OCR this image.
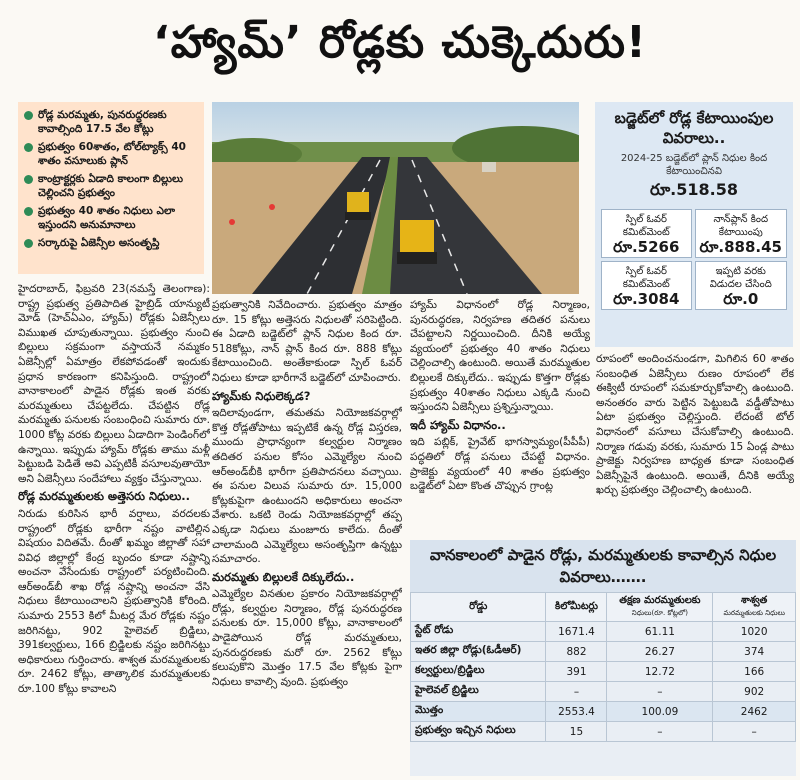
‘హ్యామ్’ రోడ్లకు చుక్కెదురు!
రోడ్ల మరమ్మతు, పునరుద్ధరణకు కావాల్సింది 17.5 వేల కోట్లు
ప్రభుత్వం 60శాతం, టోల్‌ట్యాక్స్ 40 శాతం వసూలుకు ప్లాన్
కాంట్రాక్టర్లకు ఏడాది కాలంగా బిల్లులు చెల్లించని ప్రభుత్వం
ప్రభుత్వం 40 శాతం నిధులు ఎలా ఇస్తుందని అనుమానాలు
సర్కారుపై ఏజెన్సీల అసంతృప్తి
బడ్జెట్‌లో రోడ్ల కేటాయింపుల వివరాలు..
2024-25 బడ్జెట్‌లో ప్లాన్ నిధుల కింద కేటాయించినవి
రూ.518.58
స్పిల్ ఓవర్ కమిట్‌మెంట్
రూ.5266
నాన్‌ప్లాన్ కింద కేటాయింపు
రూ.888.45
స్పిల్ ఓవర్ కమిట్‌మెంట్
రూ.3084
ఇప్పటి వరకు విడుదల చేసింది
రూ.0

హైదరాబాద్, ఫిబ్రవరి 23(నమస్తే తెలంగాణ): రాష్ట్ర ప్రభుత్వ ప్రతిపాదిత హైబ్రిడ్ యాన్యుటీ మోడ్ (హెచ్ఏఎం, హ్యామ్) రోడ్లకు ఏజెన్సీలు విముఖత చూపుతున్నాయి. ప్రభుత్వం నుంచి బిల్లులు సక్రమంగా వస్తాయనే నమ్మకం ఏజెన్సీల్లో ఏమాత్రం లేకపోవడంతో ఇందుకు ప్రధాన కారణంగా కనిపిస్తుంది. రాష్ట్రంలో వానాకాలంలో పాడైన రోడ్లకు ఇంత వరకు మరమ్మతులు చేపట్టలేదు. చేపట్టిన రోడ్ల మరమ్మతు పనులకు సంబంధించి సుమారు రూ. 1000 కోట్ల వరకు బిల్లులు ఏడాదిగా పెండింగ్‌లో ఉన్నాయి. ఇప్పుడు హ్యామ్ రోడ్లకు తాము మళ్లీ పెట్టుబడి పెడితే అవి ఎప్పటికీ వసూలవుతాయో అని ఏజెన్సీలు సందేహాలు వ్యక్తం చేస్తున్నాయి.

రోడ్ల మరమ్మతులకు అత్తెసరు నిధులు..

నిరుడు కురిసిన భారీ వర్షాలు, వరదలకు రాష్ట్రంలో రోడ్లకు భారీగా నష్టం వాటిల్లిన విషయం విదితమే. దీంతో ఖమ్మం జిల్లాతో సహా వివిధ జిల్లాల్లో కేంద్ర బృందం కూడా నష్టాన్ని అంచనా వేసేందుకు రాష్ట్రంలో పర్యటించింది. ఆర్అండ్‌బీ శాఖ రోడ్ల నష్టాన్ని అంచనా వేసి నిధులు కేటాయించాలని ప్రభుత్వానికి కోరింది. సుమారు 2553 కిలో మీటర్ల మేర రోడ్లకు నష్టం జరిగినట్టు, 902 హైలెవల్ బ్రిడ్జిలు, 391కల్వర్టులు, 166 బ్రిడ్జిలకు నష్టం జరిగినట్టు అధికారులు గుర్తించారు. శాశ్వత మరమ్మతులకు రూ. 2462 కోట్లు, తాత్కాలిక మరమ్మతులకు రూ.100 కోట్లు కావాలని

ప్రభుత్వానికి నివేదించారు. ప్రభుత్వం మాత్రం రూ. 15 కోట్లు అత్తెసరు నిధులతో సరిపెట్టింది. ఈ ఏడాది బడ్జెట్‌లో ప్లాన్ నిధుల కింద రూ. 518కోట్లు, నాన్ ప్లాన్ కింద రూ. 888 కోట్లు కేటాయించింది. అంతేకాకుండా స్పిల్ ఓవర్ నిధులు కూడా భారీగానే బడ్జెట్‌లో చూపించారు.

హ్యామ్‌కు నిధులెక్కడ?

ఇదిలావుండగా, తమతమ నియోజకవర్గాల్లో కొత్త రోడ్లతోపాటు ఇప్పటికే ఉన్న రోడ్ల విస్తరణ, ముందు ప్రాధాన్యంగా కల్వర్టుల నిర్మాణం తదితర పనుల కోసం ఎమ్మెల్యేల నుంచి ఆర్అండ్‌బీకి భారీగా ప్రతిపాదనలు వచ్చాయి. ఈ పనుల విలువ సుమారు రూ. 15,000 కోట్లకుపైగా ఉంటుందని అధికారులు అంచనా వేశారు. ఒకటి రెండు నియోజకవర్గాల్లో తప్ప ఎక్కడా నిధులు మంజూరు కాలేదు. దీంతో చాలామంది ఎమ్మెల్యేలు అసంతృప్తిగా ఉన్నట్టు సమాచారం.

మరమ్మతు బిల్లులకే దిక్కులేదు..

ఎమ్మెల్యేల వినతుల ప్రకారం నియోజకవర్గాల్లో రోడ్లు, కల్వర్టుల నిర్మాణం, రోడ్ల పునరుద్ధరణ పనులకు రూ. 15,000 కోట్లు, వానాకాలంలో పాడైపోయిన రోడ్ల మరమ్మతులు, పునరుద్ధరణకు మరో రూ. 2562 కోట్లు కలుపుకొని మొత్తం 17.5 వేల కోట్లకు పైగా నిధులు కావాల్సి వుంది. ప్రభుత్వం

హ్యామ్ విధానంలో రోడ్ల నిర్మాణం, పునరుద్ధరణ, నిర్వహణ తదితర పనులు చేపట్టాలని నిర్ణయించింది. దీనికి అయ్యే వ్యయంలో ప్రభుత్వం 40 శాతం నిధులు చెల్లించాల్సి ఉంటుంది. అయితే మరమ్మతుల బిల్లులకే దిక్కులేదు.. ఇప్పుడు కొత్తగా రోడ్లకు ప్రభుత్వం 40శాతం నిధులు ఎక్కడి నుంచి ఇస్తుందని ఏజెన్సీలు ప్రశ్నిస్తున్నాయి.

ఇదీ హ్యామ్ విధానం..

ఇది పబ్లిక్, ప్రైవేట్ భాగస్వామ్యం(పీపీపీ) పద్ధతిలో రోడ్ల పనులు చేపట్టే విధానం. ప్రాజెక్టు వ్యయంలో 40 శాతం ప్రభుత్వం బడ్జెట్‌లో ఏటా కొంత చొప్పున గ్రాంట్ల

రూపంలో అందించనుండగా, మిగిలిన 60 శాతం సంబంధిత ఏజెన్సీలు రుణం రూపంలో లేక ఈక్విటీ రూపంలో సమకూర్చుకోవాల్సి ఉంటుంది. అనంతరం వారు పెట్టిన పెట్టుబడి వడ్డీతోపాటు ఏటా ప్రభుత్వం చెల్లిస్తుంది. లేదంటే టోల్ విధానంలో వసూలు చేసుకోవాల్సి ఉంటుంది. నిర్మాణ గడువు వరకు, సుమారు 15 ఏండ్ల పాటు ప్రాజెక్టు నిర్వహణ బాధ్యత కూడా సంబంధిత ఏజెన్సీపైనే ఉంటుంది. అయితే, దీనికి అయ్యే ఖర్చు ప్రభుత్వం చెల్లించాల్సి ఉంటుంది.

వానకాలంలో పాడైన రోడ్లు, మరమ్మతులకు కావాల్సిన నిధుల వివరాలు…….
రోడ్డు	కిలోమీటర్లు	తక్షణ మరమ్మతులకు
నిధులు(రూ. కోట్లలో)	శాశ్వత
మరమ్మతులకు నిధులు

స్టేట్ రోడు	1671.4	61.11	1020
ఇతర జిల్లా రోడ్లు(ఓడీఆర్)	882	26.27	374
కల్వర్టులు/బ్రిడ్జిలు	391	12.72	166
హైలెవల్ బ్రిడ్జిలు	–	–	902
మొత్తం	2553.4	100.09	2462
ప్రభుత్వం ఇచ్చిన నిధులు	15	–	–
